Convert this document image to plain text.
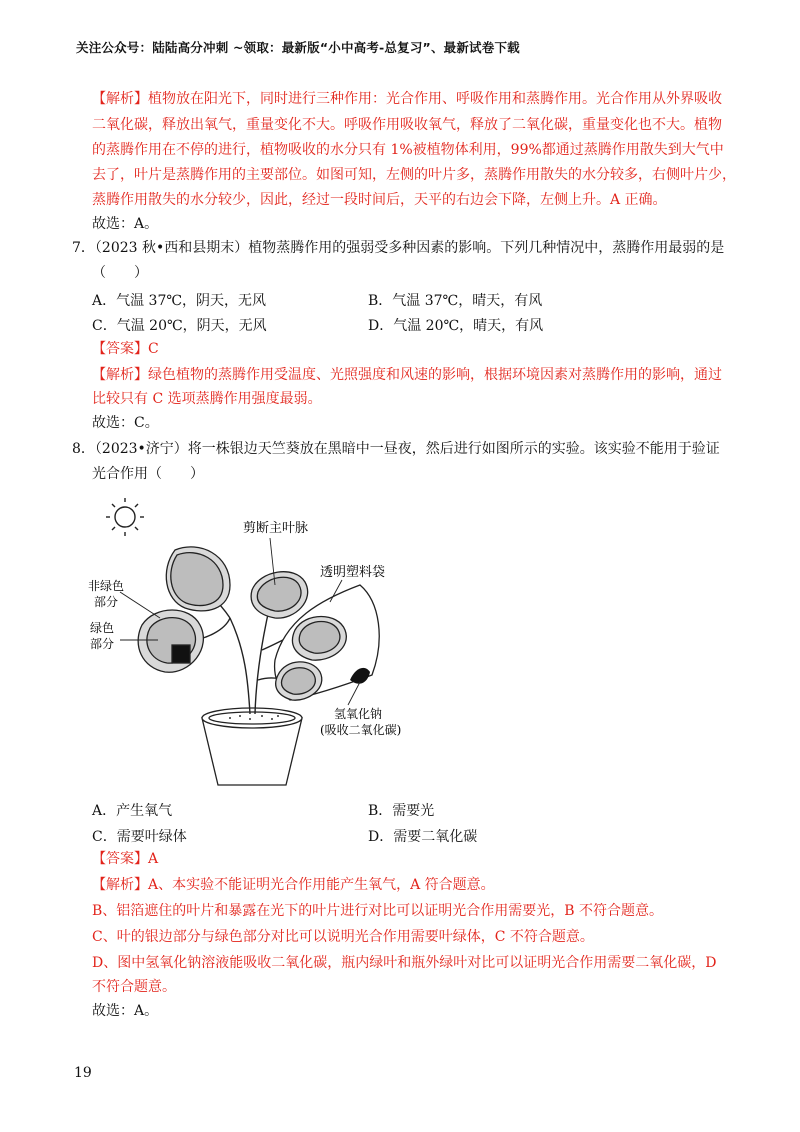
关注公众号：陆陆高分冲刺 ~领取：最新版“小中高考-总复习”、最新试卷下载
【解析】植物放在阳光下，同时进行三种作用：光合作用、呼吸作用和蒸腾作用。光合作用从外界吸收
二氧化碳，释放出氧气，重量变化不大。呼吸作用吸收氧气，释放了二氧化碳，重量变化也不大。植物
的蒸腾作用在不停的进行，植物吸收的水分只有 1%被植物体利用，99%都通过蒸腾作用散失到大气中
去了，叶片是蒸腾作用的主要部位。如图可知，左侧的叶片多，蒸腾作用散失的水分较多，右侧叶片少，
蒸腾作用散失的水分较少，因此，经过一段时间后，天平的右边会下降，左侧上升。A 正确。
故选：A。
7．（2023 秋•西和县期末）植物蒸腾作用的强弱受多种因素的影响。下列几种情况中，蒸腾作用最弱的是
（　　）
A．气温 37℃，阴天，无风	B．气温 37℃，晴天，有风
C．气温 20℃，阴天，无风	D．气温 20℃，晴天，有风
【答案】C
【解析】绿色植物的蒸腾作用受温度、光照强度和风速的影响，根据环境因素对蒸腾作用的影响，通过
比较只有 C 选项蒸腾作用强度最弱。
故选：C。
8．（2023•济宁）将一株银边天竺葵放在黑暗中一昼夜，然后进行如图所示的实验。该实验不能用于验证
光合作用（　　）
剪断主叶脉
透明塑料袋
非绿色
部分
绿色
部分
氢氧化钠
(吸收二氧化碳)
A．产生氧气	B．需要光
C．需要叶绿体	D．需要二氧化碳
【答案】A
【解析】A、本实验不能证明光合作用能产生氧气，A 符合题意。
B、铝箔遮住的叶片和暴露在光下的叶片进行对比可以证明光合作用需要光，B 不符合题意。
C、叶的银边部分与绿色部分对比可以说明光合作用需要叶绿体，C 不符合题意。
D、图中氢氧化钠溶液能吸收二氧化碳，瓶内绿叶和瓶外绿叶对比可以证明光合作用需要二氧化碳，D
不符合题意。
故选：A。
19
